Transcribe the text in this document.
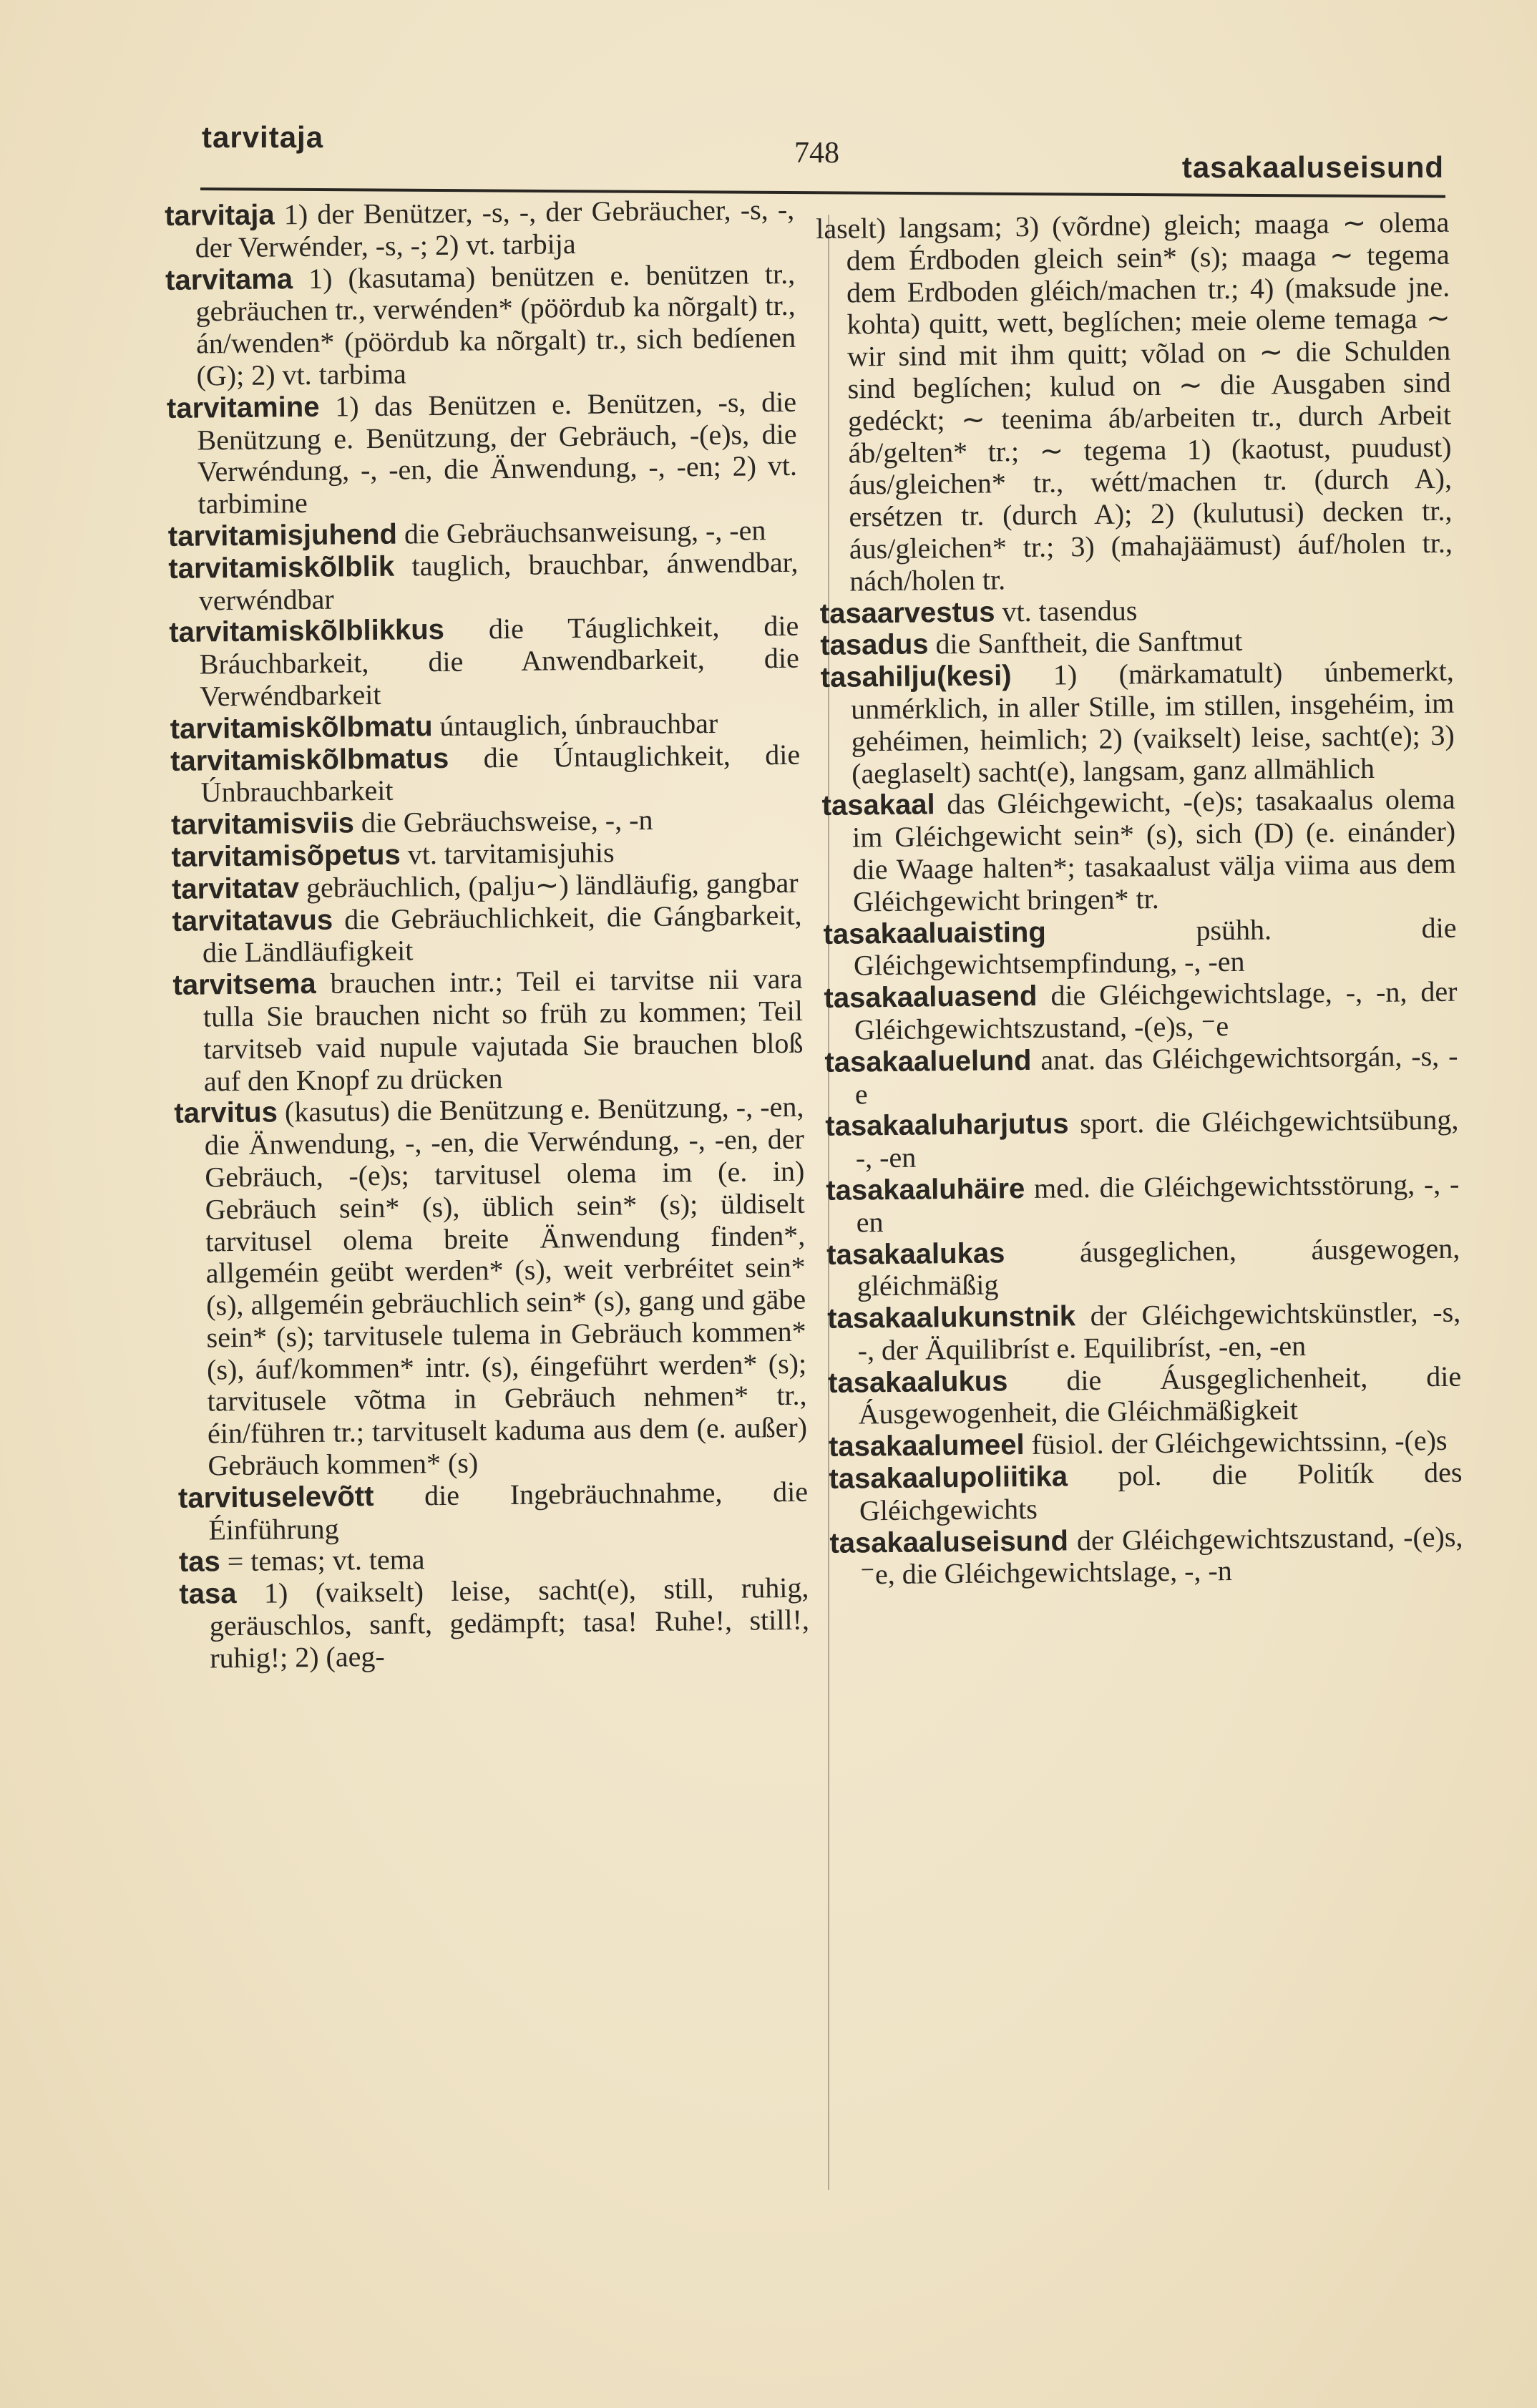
tarvitaja	748	tasakaaluseisund

tarvitaja 1) der Benützer, -s, -, der Gebräucher, -s, -, der Verwénder, -s, -; 2) vt. tarbija

tarvitama 1) (kasutama) benützen e. benützen tr., gebräuchen tr., verwénden* (pöördub ka nõrgalt) tr., án/wenden* (pöördub ka nõrgalt) tr., sich bedíenen (G); 2) vt. tarbima

tarvitamine 1) das Benützen e. Benützen, -s, die Benützung e. Benützung, der Gebräuch, -(e)s, die Verwéndung, -, -en, die Änwendung, -, -en; 2) vt. tarbimine

tarvitamisjuhend die Gebräuchsanweisung, -, -en

tarvitamiskõlblik tauglich, brauchbar, ánwendbar, verwéndbar

tarvitamiskõlblikkus die Táuglichkeit, die Bráuchbarkeit, die Anwendbarkeit, die Verwéndbarkeit

tarvitamiskõlbmatu úntauglich, únbrauchbar

tarvitamiskõlbmatus die Úntauglichkeit, die Únbrauchbarkeit

tarvitamisviis die Gebräuchsweise, -, -n

tarvitamisõpetus vt. tarvitamisjuhis

tarvitatav gebräuchlich, (palju∼) ländläufig, gangbar

tarvitatavus die Gebräuchlichkeit, die Gángbarkeit, die Ländläufigkeit

tarvitsema brauchen intr.; Teil ei tarvitse nii vara tulla Sie brauchen nicht so früh zu kommen; Teil tarvitseb vaid nupule vajutada Sie brauchen bloß auf den Knopf zu drücken

tarvitus (kasutus) die Benützung e. Benützung, -, -en, die Änwendung, -, -en, die Verwéndung, -, -en, der Gebräuch, -(e)s; tarvitusel olema im (e. in) Gebräuch sein* (s), üblich sein* (s); üldiselt tarvitusel olema breite Änwendung finden*, allgeméin geübt werden* (s), weit verbréitet sein* (s), allgeméin gebräuchlich sein* (s), gang und gäbe sein* (s); tarvitusele tulema in Gebräuch kommen* (s), áuf/kommen* intr. (s), éingeführt werden* (s); tarvitusele võtma in Gebräuch nehmen* tr., éin/führen tr.; tarvituselt kaduma aus dem (e. außer) Gebräuch kommen* (s)

tarvituselevõtt die Ingebräuchnahme, die Éinführung

tas = temas; vt. tema

tasa 1) (vaikselt) leise, sacht(e), still, ruhig, geräuschlos, sanft, gedämpft; tasa! Ruhe!, still!, ruhig!; 2) (aeg-

laselt) langsam; 3) (võrdne) gleich; maaga ∼ olema dem Érdboden gleich sein* (s); maaga ∼ tegema dem Erdboden gléich/machen tr.; 4) (maksude jne. kohta) quitt, wett, beglíchen; meie oleme temaga ∼ wir sind mit ihm quitt; võlad on ∼ die Schulden sind beglíchen; kulud on ∼ die Ausgaben sind gedéckt; ∼ teenima áb/arbeiten tr., durch Arbeit áb/gelten* tr.; ∼ tegema 1) (kaotust, puudust) áus/gleichen* tr., wétt/machen tr. (durch A), ersétzen tr. (durch A); 2) (kulutusi) decken tr., áus/gleichen* tr.; 3) (mahajäämust) áuf/holen tr., nách/holen tr.

tasaarvestus vt. tasendus

tasadus die Sanftheit, die Sanftmut

tasahilju(kesi) 1) (märkamatult) únbemerkt, unmérklich, in aller Stille, im stillen, insgehéim, im gehéimen, heimlich; 2) (vaikselt) leise, sacht(e); 3) (aeglaselt) sacht(e), langsam, ganz allmählich

tasakaal das Gléichgewicht, -(e)s; tasakaalus olema im Gléichgewicht sein* (s), sich (D) (e. einánder) die Waage halten*; tasakaalust välja viima aus dem Gléichgewicht bringen* tr.

tasakaaluaisting psühh. die Gléichgewichtsempfindung, -, -en

tasakaaluasend die Gléichgewichtslage, -, -n, der Gléichgewichtszustand, -(e)s, ⁻e

tasakaaluelund anat. das Gléichgewichtsorgán, -s, -e

tasakaaluharjutus sport. die Gléichgewichtsübung, -, -en

tasakaaluhäire med. die Gléichgewichtsstörung, -, -en

tasakaalukas áusgeglichen, áusgewogen, gléichmäßig

tasakaalukunstnik der Gléichgewichtskünstler, -s, -, der Äquilibríst e. Equilibríst, -en, -en

tasakaalukus die Áusgeglichenheit, die Áusgewogenheit, die Gléichmäßigkeit

tasakaalumeel füsiol. der Gléichgewichtssinn, -(e)s

tasakaalupoliitika pol. die Politík des Gléichgewichts

tasakaaluseisund der Gléichgewichtszustand, -(e)s, ⁻e, die Gléichgewichtslage, -, -n
